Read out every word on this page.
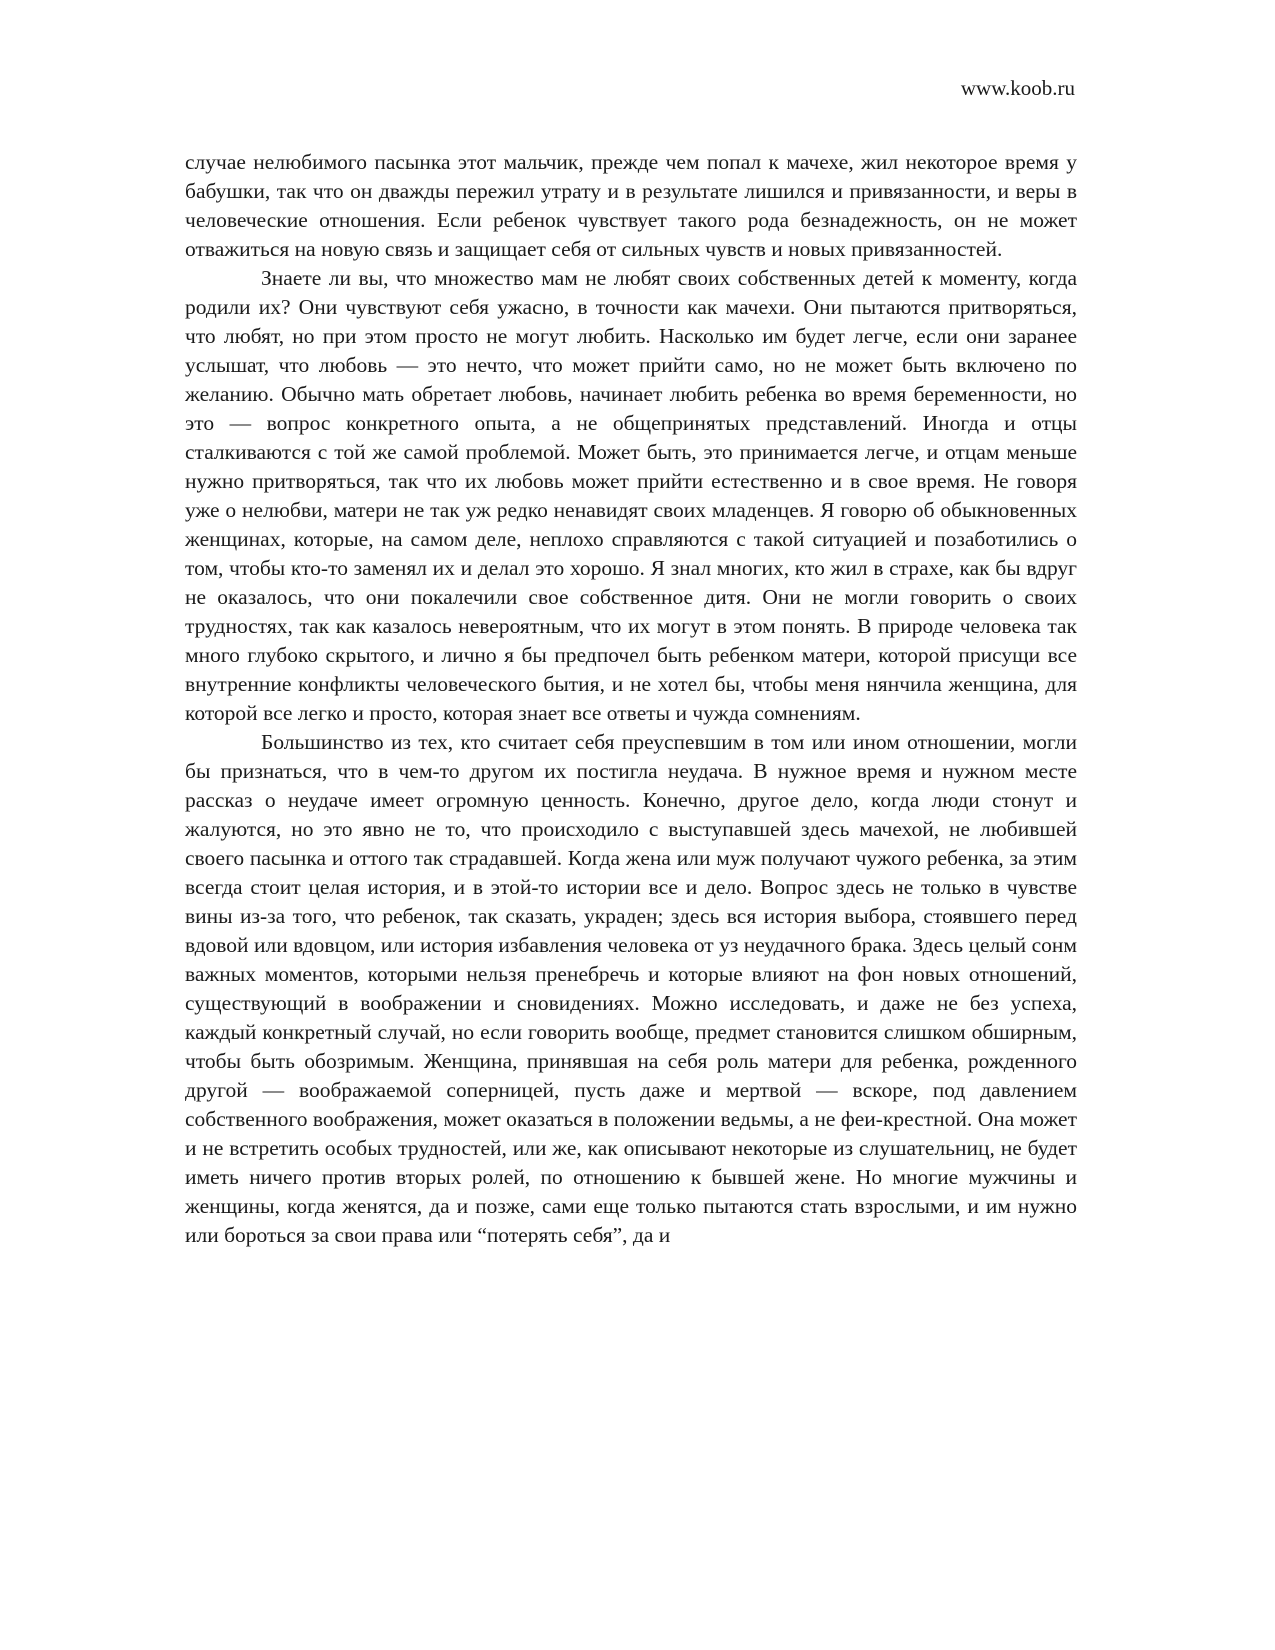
www.koob.ru

случае нелюбимого пасынка этот мальчик, прежде чем попал к мачехе, жил некоторое время у бабушки, так что он дважды пережил утрату и в результате лишился и привязанности, и веры в человеческие отношения. Если ребенок чувствует такого рода безнадежность, он не может отважиться на новую связь и защищает себя от сильных чувств и новых привязанностей.

Знаете ли вы, что множество мам не любят своих собственных детей к моменту, когда родили их? Они чувствуют себя ужасно, в точности как мачехи. Они пытаются притворяться, что любят, но при этом просто не могут любить. Насколько им будет легче, если они заранее услышат, что любовь — это нечто, что может прийти само, но не может быть включено по желанию. Обычно мать обретает любовь, начинает любить ребенка во время беременности, но это — вопрос конкретного опыта, а не общепринятых представлений. Иногда и отцы сталкиваются с той же самой проблемой. Может быть, это принимается легче, и отцам меньше нужно притворяться, так что их любовь может прийти естественно и в свое время. Не говоря уже о нелюбви, матери не так уж редко ненавидят своих младенцев. Я говорю об обыкновенных женщинах, которые, на самом деле, неплохо справляются с такой ситуацией и позаботились о том, чтобы кто-то заменял их и делал это хорошо. Я знал многих, кто жил в страхе, как бы вдруг не оказалось, что они покалечили свое собственное дитя. Они не могли говорить о своих трудностях, так как казалось невероятным, что их могут в этом понять. В природе человека так много глубоко скрытого, и лично я бы предпочел быть ребенком матери, которой присущи все внутренние конфликты человеческого бытия, и не хотел бы, чтобы меня нянчила женщина, для которой все легко и просто, которая знает все ответы и чужда сомнениям.

Большинство из тех, кто считает себя преуспевшим в том или ином отношении, могли бы признаться, что в чем-то другом их постигла неудача. В нужное время и нужном месте рассказ о неудаче имеет огромную ценность. Конечно, другое дело, когда люди стонут и жалуются, но это явно не то, что происходило с выступавшей здесь мачехой, не любившей своего пасынка и оттого так страдавшей. Когда жена или муж получают чужого ребенка, за этим всегда стоит целая история, и в этой-то истории все и дело. Вопрос здесь не только в чувстве вины из-за того, что ребенок, так сказать, украден; здесь вся история выбора, стоявшего перед вдовой или вдовцом, или история избавления человека от уз неудачного брака. Здесь целый сонм важных моментов, которыми нельзя пренебречь и которые влияют на фон новых отношений, существующий в воображении и сновидениях. Можно исследовать, и даже не без успеха, каждый конкретный случай, но если говорить вообще, предмет становится слишком обширным, чтобы быть обозримым. Женщина, принявшая на себя роль матери для ребенка, рожденного другой — воображаемой соперницей, пусть даже и мертвой — вскоре, под давлением собственного воображения, может оказаться в положении ведьмы, а не феи-крестной. Она может и не встретить особых трудностей, или же, как описывают некоторые из слушательниц, не будет иметь ничего против вторых ролей, по отношению к бывшей жене. Но многие мужчины и женщины, когда женятся, да и позже, сами еще только пытаются стать взрослыми, и им нужно или бороться за свои права или “потерять себя”, да и
